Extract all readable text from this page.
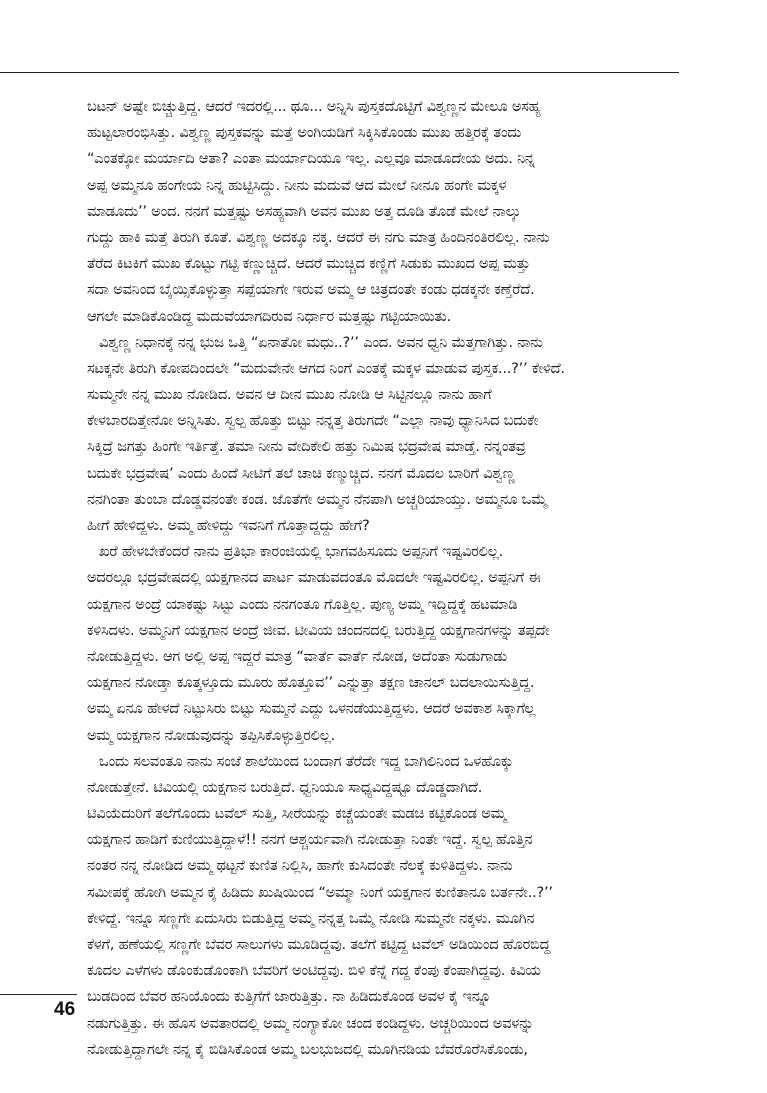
ಬಟನ್ ಅಷ್ಟೇ ಬಿಚ್ಚುತ್ತಿದ್ದ. ಆದರೆ ಇದರಲ್ಲಿ... ಥೂ... ಅನ್ನಿಸಿ ಪುಸ್ತಕದೊಟ್ಟಿಗೆ ವಿಶ್ವಣ್ಣನ ಮೇಲೂ ಅಸಹ್ಯ
ಹುಟ್ಟಲಾರಂಭಿಸಿತ್ತು. ವಿಶ್ವಣ್ಣ ಪುಸ್ತಕವನ್ನು ಮತ್ತೆ ಅಂಗಿಯಡಿಗೆ ಸಿಕ್ಕಿಸಿಕೊಂಡು ಮುಖ ಹತ್ತಿರಕ್ಕೆ ತಂದು
“ಎಂತಕ್ಕೋ ಮರ್ಯಾದಿ ಆತಾ? ಎಂತಾ ಮರ್ಯಾದಿಯೂ ಇಲ್ಲ. ಎಲ್ಲವೂ ಮಾಡೂದೇಯ ಅದು. ನಿನ್ನ
ಅಪ್ಪ ಅಮ್ಮನೂ ಹಂಗೇಯ ನಿನ್ನ ಹುಟ್ಟಿಸಿದ್ದು. ನೀನು ಮದುವೆ ಆದ ಮೇಲೆ ನೀನೂ ಹಂಗೇ ಮಕ್ಕಳ
ಮಾಡೂದು’’ ಅಂದ. ನನಗೆ ಮತ್ತಷ್ಟು ಅಸಹ್ಯವಾಗಿ ಅವನ ಮುಖ ಅತ್ತ ದೂಡಿ ತೊಡೆ ಮೇಲೆ ನಾಲ್ಕು
ಗುದ್ದು ಹಾಕಿ ಮತ್ತೆ ತಿರುಗಿ ಕೂತೆ. ವಿಶ್ವಣ್ಣ ಅದಕ್ಕೂ ನಕ್ಕ. ಆದರೆ ಈ ನಗು ಮಾತ್ರ ಹಿಂದಿನಂತಿರಲಿಲ್ಲ. ನಾನು
ತೆರೆದ ಕಿಟಕಿಗೆ ಮುಖ ಕೊಟ್ಟು ಗಟ್ಟಿ ಕಣ್ಣುಚ್ಚಿದೆ. ಆದರೆ ಮುಚ್ಚಿದ ಕಣ್ಣಿಗೆ ಸಿಡುಕು ಮುಖದ ಅಪ್ಪ ಮತ್ತು
ಸದಾ ಅವನಿಂದ ಬೈಯ್ಸಿಕೊಳ್ಳುತ್ತಾ ಸಪ್ಪೆಯಾಗೇ ಇರುವ ಅಮ್ಮ ಆ ಚಿತ್ರದಂತೇ ಕಂಡು ಧಡಕ್ಕನೇ ಕಣ್ತೆರೆದೆ.
ಆಗಲೇ ಮಾಡಿಕೊಂಡಿದ್ದ ಮದುವೆಯಾಗದಿರುವ ನಿರ್ಧಾರ ಮತ್ತಷ್ಟು ಗಟ್ಟಿಯಾಯಿತು.
ವಿಶ್ವಣ್ಣ ನಿಧಾನಕ್ಕೆ ನನ್ನ ಭುಜ ಒತ್ತಿ “ಏನಾತೋ ಮಧು..?’’ ಎಂದ. ಅವನ ಧ್ವನಿ ಮೆತ್ತಗಾಗಿತ್ತು. ನಾನು
ಸಟಕ್ಕನೇ ತಿರುಗಿ ಕೋಪದಿಂದಲೇ “ಮದುವೇನೇ ಆಗದ ನಿಂಗೆ ಎಂತಕ್ಕೆ ಮಕ್ಕಳ ಮಾಡುವ ಪುಸ್ತಕ...?’’ ಕೇಳಿದೆ.
ಸುಮ್ಮನೇ ನನ್ನ ಮುಖ ನೋಡಿದ. ಅವನ ಆ ದೀನ ಮುಖ ನೋಡಿ ಆ ಸಿಟ್ಟಿನಲ್ಲೂ ನಾನು ಹಾಗೆ
ಕೇಳಬಾರದಿತ್ತೇನೋ ಅನ್ನಿಸಿತು. ಸ್ವಲ್ಪ ಹೊತ್ತು ಬಿಟ್ಟು ನನ್ನತ್ತ ತಿರುಗದೇ “ಎಲ್ಲಾ ನಾವು ಧ್ಯಾನಿಸಿದ ಬದುಕೇ
ಸಿಕ್ಕಿದ್ರೆ ಜಗತ್ತು ಹಿಂಗೇ ಇರ್ತಿತ್ತೆ. ತಮಾ ನೀನು ವೇದಿಕೇಲಿ ಹತ್ತು ನಿಮಿಷ ಭದ್ರವೇಷ ಮಾಡ್ತೆ. ನನ್ನಂತವ್ರ
ಬದುಕೇ ಭದ್ರವೇಷ’ ಎಂದು ಹಿಂದೆ ಸೀಟಿಗೆ ತಲೆ ಚಾಚಿ ಕಣ್ಮುಚ್ಚಿದ. ನನಗೆ ಮೊದಲ ಬಾರಿಗೆ ವಿಶ್ವಣ್ಣ
ನನಗಿಂತಾ ತುಂಬಾ ದೊಡ್ಡವನಂತೇ ಕಂಡ. ಜೊತೆಗೇ ಅಮ್ಮನ ನೆನಪಾಗಿ ಅಚ್ಚರಿಯಾಯ್ತು. ಅಮ್ಮನೂ ಒಮ್ಮೆ
ಹೀಗೆ ಹೇಳಿದ್ದಳು. ಅಮ್ಮ ಹೇಳಿದ್ದು ಇವನಿಗೆ ಗೊತ್ತಾದ್ದದ್ದು ಹೇಗೆ?
ಖರೆ ಹೇಳಬೇಕೆಂದರೆ ನಾನು ಪ್ರತಿಭಾ ಕಾರಂಜಿಯಲ್ಲಿ ಭಾಗವಹಿಸೂದು ಅಪ್ಪನಿಗೆ ಇಷ್ಟವಿರಲಿಲ್ಲ.
ಅದರಲ್ಲೂ ಭದ್ರವೇಷದಲ್ಲಿ ಯಕ್ಷಗಾನದ ಪಾರ್ಟ ಮಾಡುವದಂತೂ ಮೊದಲೇ ಇಷ್ಟವಿರಲಿಲ್ಲ. ಅಪ್ಪನಿಗೆ ಈ
ಯಕ್ಷಗಾನ ಅಂದ್ರೆ ಯಾಕಷ್ಟು ಸಿಟ್ಟು ಎಂದು ನನಗಂತೂ ಗೊತ್ತಿಲ್ಲ. ಪುಣ್ಯ ಅಮ್ಮ ಇದ್ದಿದ್ದಕ್ಕೆ ಹಟಮಾಡಿ
ಕಳಿಸಿದಳು. ಅಮ್ಮನಿಗೆ ಯಕ್ಷಗಾನ ಅಂದ್ರೆ ಜೀವ. ಟೀವಿಯ ಚಂದನದಲ್ಲಿ ಬರುತ್ತಿದ್ದ ಯಕ್ಷಗಾನಗಳನ್ನು ತಪ್ಪದೇ
ನೋಡುತ್ತಿದ್ದಳು. ಆಗ ಅಲ್ಲಿ ಅಪ್ಪ ಇದ್ದರೆ ಮಾತ್ರ “ವಾರ್ತೆ ವಾರ್ತೆ ನೋಡ, ಅದೆಂತಾ ಸುಡುಗಾಡು
ಯಕ್ಷಗಾನ ನೋಡ್ತಾ ಕೂತ್ಕಳ್ತೂದು ಮೂರು ಹೊತ್ತೂವ’’ ಎನ್ನುತ್ತಾ ತಕ್ಷಣ ಚಾನಲ್ ಬದಲಾಯಿಸುತ್ತಿದ್ದ.
ಅಮ್ಮ ಏನೂ ಹೇಳದೆ ನಿಟ್ಟುಸಿರು ಬಿಟ್ಟು ಸುಮ್ಮನೆ ಎದ್ದು ಒಳನಡೆಯುತ್ತಿದ್ದಳು. ಆದರೆ ಅವಕಾಶ ಸಿಕ್ಕಾಗೆಲ್ಲ
ಅಮ್ಮ ಯಕ್ಷಗಾನ ನೋಡುವುದನ್ನು ತಪ್ಪಿಸಿಕೊಳ್ಳುತ್ತಿರಲಿಲ್ಲ.
ಒಂದು ಸಲವಂತೂ ನಾನು ಸಂಜೆ ಶಾಲೆಯಿಂದ ಬಂದಾಗ ತೆರೆದೇ ಇದ್ದ ಬಾಗಿಲಿನಿಂದ ಒಳಹೊಕ್ಕು
ನೋಡುತ್ತೇನೆ. ಟಿವಿಯಲ್ಲಿ ಯಕ್ಷಗಾನ ಬರುತ್ತಿದೆ. ಧ್ವನಿಯೂ ಸಾಧ್ಯವಿದ್ದಷ್ಟೂ ದೊಡ್ಡದಾಗಿದೆ.
ಟಿವಿಯೆದುರಿಗೆ ತಲೆಗೊಂದು ಟವೆಲ್ ಸುತ್ತಿ, ಸೀರೆಯನ್ನು ಕಚ್ಚೆಯಂತೇ ಮಡಚಿ ಕಟ್ಟಿಕೊಂಡ ಅಮ್ಮ
ಯಕ್ಷಗಾನ ಹಾಡಿಗೆ ಕುಣಿಯುತ್ತಿದ್ದಾಳೆ!! ನನಗೆ ಆಶ್ಚರ್ಯವಾಗಿ ನೋಡುತ್ತಾ ನಿಂತೇ ಇದ್ದೆ. ಸ್ವಲ್ಪ ಹೊತ್ತಿನ
ನಂತರ ನನ್ನ ನೋಡಿದ ಅಮ್ಮ ಥಟ್ಟನೆ ಕುಣಿತ ನಿಲ್ಲಿಸಿ, ಹಾಗೇ ಕುಸಿದಂತೇ ನೆಲಕ್ಕೆ ಕುಳಿತಿದ್ದಳು. ನಾನು
ಸಮೀಪಕ್ಕೆ ಹೋಗಿ ಅಮ್ಮನ ಕೈ ಹಿಡಿದು ಖುಷಿಯಿಂದ “ಅಮ್ಮಾ ನಿಂಗೆ ಯಕ್ಷಗಾನ ಕುಣಿತಾನೂ ಬರ್ತನೇ..?’’
ಕೇಳಿದ್ದೆ. ಇನ್ನೂ ಸಣ್ಣಗೇ ಏದುಸಿರು ಬಿಡುತ್ತಿದ್ದ ಅಮ್ಮ ನನ್ನತ್ತ ಒಮ್ಮೆ ನೋಡಿ ಸುಮ್ಮನೇ ನಕ್ಕಳು. ಮೂಗಿನ
ಕೆಳಗೆ, ಹಣೆಯಲ್ಲಿ ಸಣ್ಣಗೇ ಬೆವರ ಸಾಲುಗಳು ಮೂಡಿದ್ದವು. ತಲೆಗೆ ಕಟ್ಟಿದ್ದ ಟವೆಲ್ ಅಡಿಯಿಂದ ಹೊರಬಿದ್ದ
ಕೂದಲ ಎಳೆಗಳು ಡೊಂಕುಡೊಂಕಾಗಿ ಬೆವರಿಗೆ ಅಂಟಿದ್ದವು. ಬಿಳಿ ಕೆನ್ನೆ ಗದ್ದ ಕೆಂಪು ಕೆಂಪಾಗಿದ್ದವು. ಕಿವಿಯ
ಬುಡದಿಂದ ಬೆವರ ಹನಿಯೊಂದು ಕುತ್ತಿಗೆಗೆ ಜಾರುತ್ತಿತ್ತು. ನಾ ಹಿಡಿದುಕೊಂಡ ಅವಳ ಕೈ ಇನ್ನೂ
ನಡುಗುತ್ತಿತ್ತು. ಈ ಹೊಸ ಅವತಾರದಲ್ಲಿ ಅಮ್ಮ ನಂಗ್ಯಾಕೋ ಚಂದ ಕಂಡಿದ್ದಳು. ಅಚ್ಚರಿಯಿಂದ ಅವಳನ್ನು
ನೋಡುತ್ತಿದ್ದಾಗಲೇ ನನ್ನ ಕೈ ಬಿಡಿಸಿಕೊಂಡ ಅಮ್ಮ ಬಲಭುಜದಲ್ಲಿ ಮೂಗಿನಡಿಯ ಬೆವರೊರೆಸಿಕೊಂಡು,
46
